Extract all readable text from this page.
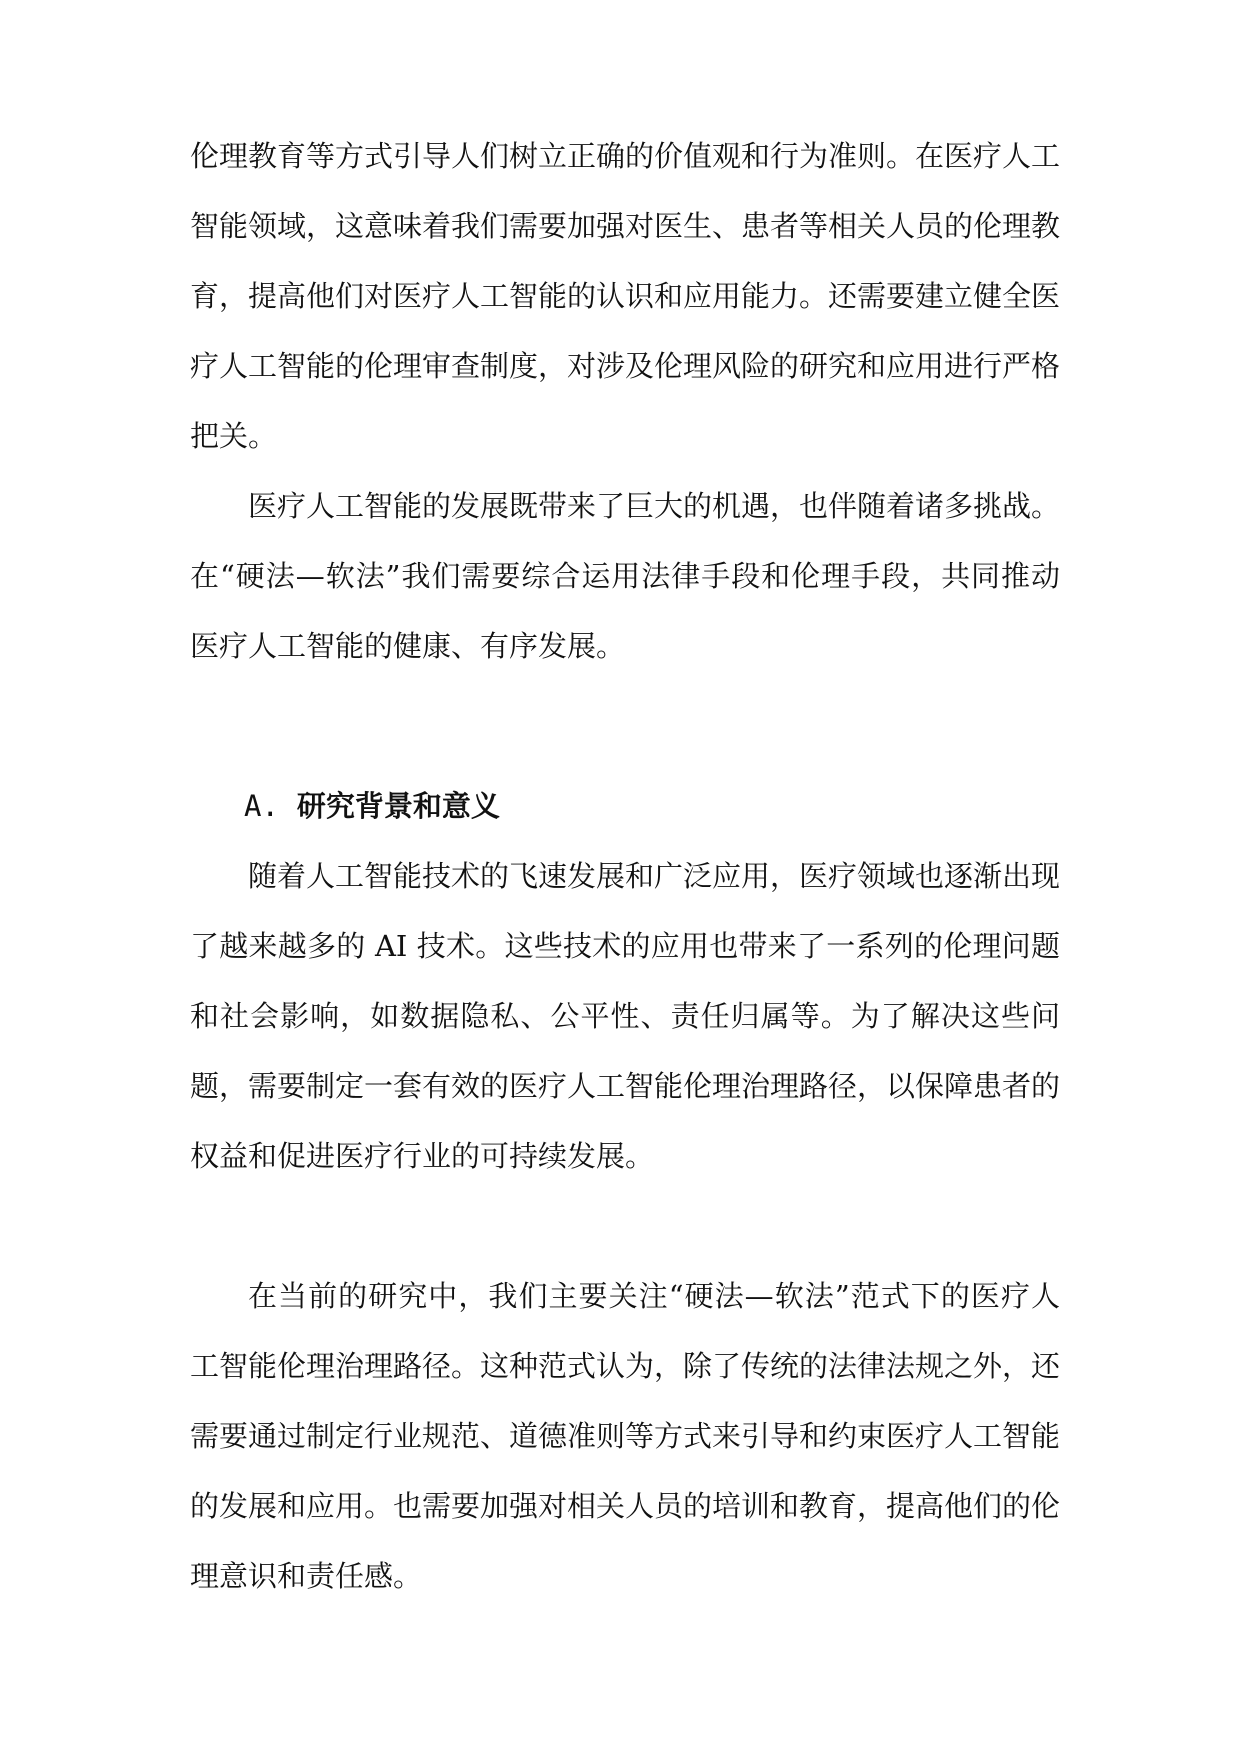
伦理教育等方式引导人们树立正确的价值观和行为准则。在医疗人工智能领域，这意味着我们需要加强对医生、患者等相关人员的伦理教育，提高他们对医疗人工智能的认识和应用能力。还需要建立健全医疗人工智能的伦理审查制度，对涉及伦理风险的研究和应用进行严格把关。

医疗人工智能的发展既带来了巨大的机遇，也伴随着诸多挑战。在“硬法—软法”我们需要综合运用法律手段和伦理手段，共同推动医疗人工智能的健康、有序发展。

A. 研究背景和意义

随着人工智能技术的飞速发展和广泛应用，医疗领域也逐渐出现了越来越多的 AI 技术。这些技术的应用也带来了一系列的伦理问题和社会影响，如数据隐私、公平性、责任归属等。为了解决这些问题，需要制定一套有效的医疗人工智能伦理治理路径，以保障患者的权益和促进医疗行业的可持续发展。

在当前的研究中，我们主要关注“硬法—软法”范式下的医疗人工智能伦理治理路径。这种范式认为，除了传统的法律法规之外，还需要通过制定行业规范、道德准则等方式来引导和约束医疗人工智能的发展和应用。也需要加强对相关人员的培训和教育，提高他们的伦理意识和责任感。
